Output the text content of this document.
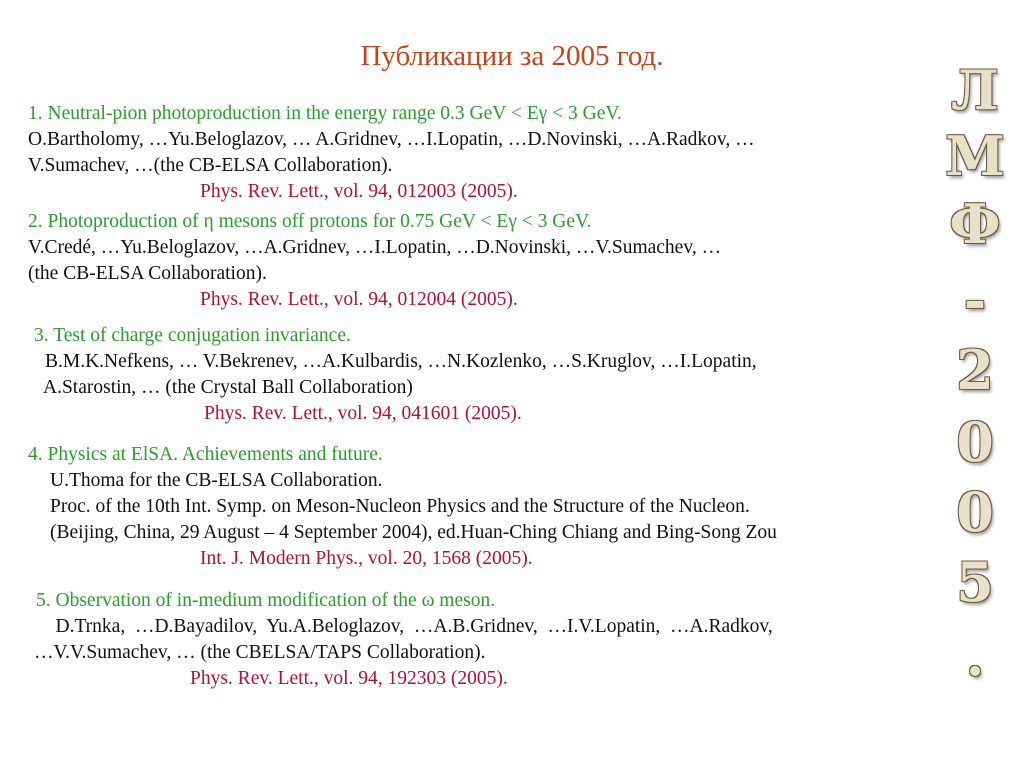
Публикации за 2005 год.
1. Neutral-pion photoproduction in the energy range 0.3 GeV < Eγ < 3 GeV.
O.Bartholomy, …Yu.Beloglazov, … A.Gridnev, …I.Lopatin, …D.Novinski, …A.Radkov, …
V.Sumachev, …(the CB-ELSA Collaboration).
Phys. Rev. Lett., vol. 94, 012003 (2005).
2. Photoproduction of η mesons off protons for 0.75 GeV < Eγ < 3 GeV.
V.Credé, …Yu.Beloglazov, …A.Gridnev, …I.Lopatin, …D.Novinski, …V.Sumachev, …
(the CB-ELSA Collaboration).
Phys. Rev. Lett., vol. 94, 012004 (2005).
3. Test of charge conjugation invariance.
B.M.K.Nefkens, … V.Bekrenev, …A.Kulbardis, …N.Kozlenko, …S.Kruglov, …I.Lopatin,
A.Starostin, … (the Crystal Ball Collaboration)
Phys. Rev. Lett., vol. 94, 041601 (2005).
4. Physics at ElSA. Achievements and future.
U.Thoma for the CB-ELSA Collaboration.
Proc. of the 10th Int. Symp. on Meson-Nucleon Physics and the Structure of the Nucleon.
(Beijing, China, 29 August – 4 September 2004), ed.Huan-Ching Chiang and Bing-Song Zou
Int. J. Modern Phys., vol. 20, 1568 (2005).
5. Observation of in-medium modification of the ω meson.
D.Trnka,  …D.Bayadilov,  Yu.A.Beloglazov,  …A.B.Gridnev,  …I.V.Lopatin,  …A.Radkov,
…V.V.Sumachev, … (the CBELSA/TAPS Collaboration).
Phys. Rev. Lett., vol. 94, 192303 (2005).
Л
М
Ф
-
2
0
0
5
.
